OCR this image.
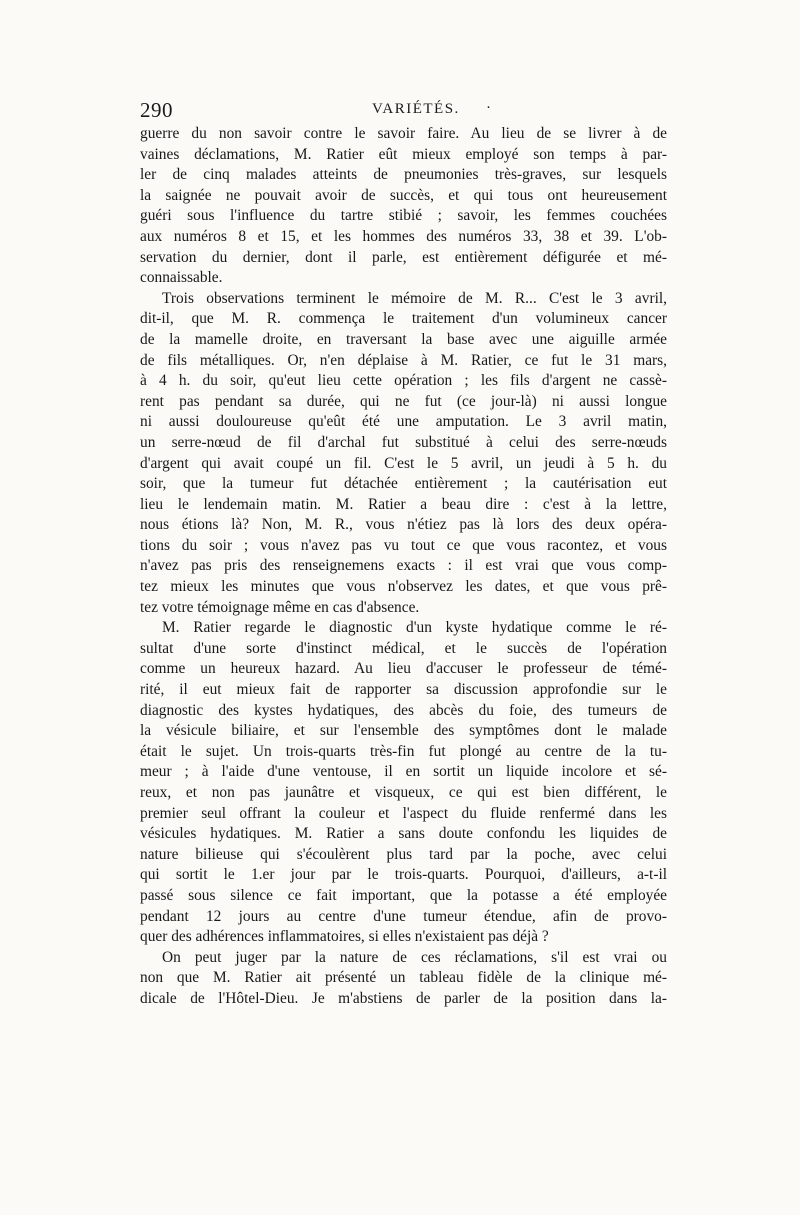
290	VARIÉTÉS. ·
guerre du non savoir contre le savoir faire. Au lieu de se livrer à de
vaines déclamations, M. Ratier eût mieux employé son temps à par-
ler de cinq malades atteints de pneumonies très-graves, sur lesquels
la saignée ne pouvait avoir de succès, et qui tous ont heureusement
guéri sous l'influence du tartre stibié ; savoir, les femmes couchées
aux numéros 8 et 15, et les hommes des numéros 33, 38 et 39. L'ob-
servation du dernier, dont il parle, est entièrement défigurée et mé-
connaissable.
Trois observations terminent le mémoire de M. R... C'est le 3 avril,
dit-il, que M. R. commença le traitement d'un volumineux cancer
de la mamelle droite, en traversant la base avec une aiguille armée
de fils métalliques. Or, n'en déplaise à M. Ratier, ce fut le 31 mars,
à 4 h. du soir, qu'eut lieu cette opération ; les fils d'argent ne cassè-
rent pas pendant sa durée, qui ne fut (ce jour-là) ni aussi longue
ni aussi douloureuse qu'eût été une amputation. Le 3 avril matin,
un serre-nœud de fil d'archal fut substitué à celui des serre-nœuds
d'argent qui avait coupé un fil. C'est le 5 avril, un jeudi à 5 h. du
soir, que la tumeur fut détachée entièrement ; la cautérisation eut
lieu le lendemain matin. M. Ratier a beau dire : c'est à la lettre,
nous étions là? Non, M. R., vous n'étiez pas là lors des deux opéra-
tions du soir ; vous n'avez pas vu tout ce que vous racontez, et vous
n'avez pas pris des renseignemens exacts : il est vrai que vous comp-
tez mieux les minutes que vous n'observez les dates, et que vous prê-
tez votre témoignage même en cas d'absence.
M. Ratier regarde le diagnostic d'un kyste hydatique comme le ré-
sultat d'une sorte d'instinct médical, et le succès de l'opération
comme un heureux hazard. Au lieu d'accuser le professeur de témé-
rité, il eut mieux fait de rapporter sa discussion approfondie sur le
diagnostic des kystes hydatiques, des abcès du foie, des tumeurs de
la vésicule biliaire, et sur l'ensemble des symptômes dont le malade
était le sujet. Un trois-quarts très-fin fut plongé au centre de la tu-
meur ; à l'aide d'une ventouse, il en sortit un liquide incolore et sé-
reux, et non pas jaunâtre et visqueux, ce qui est bien différent, le
premier seul offrant la couleur et l'aspect du fluide renfermé dans les
vésicules hydatiques. M. Ratier a sans doute confondu les liquides de
nature bilieuse qui s'écoulèrent plus tard par la poche, avec celui
qui sortit le 1.er jour par le trois-quarts. Pourquoi, d'ailleurs, a-t-il
passé sous silence ce fait important, que la potasse a été employée
pendant 12 jours au centre d'une tumeur étendue, afin de provo-
quer des adhérences inflammatoires, si elles n'existaient pas déjà ?
On peut juger par la nature de ces réclamations, s'il est vrai ou
non que M. Ratier ait présenté un tableau fidèle de la clinique mé-
dicale de l'Hôtel-Dieu. Je m'abstiens de parler de la position dans la-
